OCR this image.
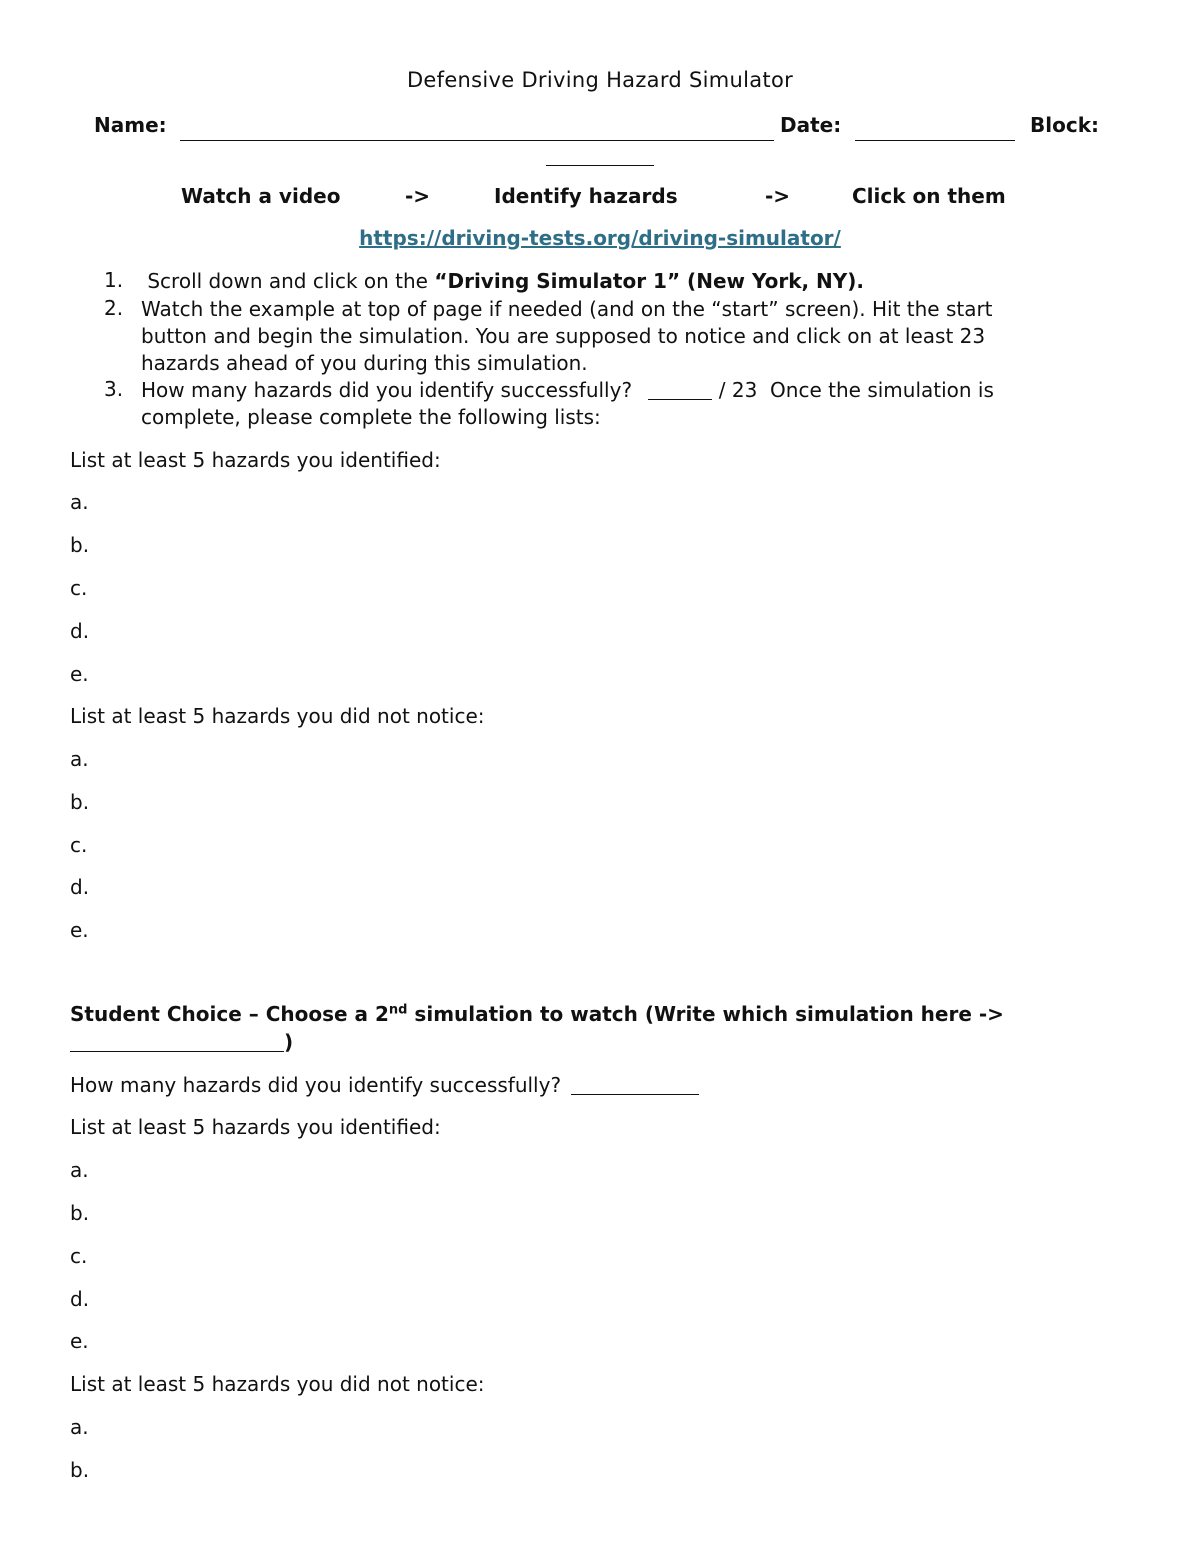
Defensive Driving Hazard Simulator
Name:	Date:	Block:
Watch a video	->	Identify hazards	->	Click on them
https://driving-tests.org/driving-simulator/
1. Scroll down and click on the “Driving Simulator 1” (New York, NY).
2. Watch the example at top of page if needed (and on the “start” screen). Hit the start
button and begin the simulation. You are supposed to notice and click on at least 23
hazards ahead of you during this simulation.
3. How many hazards did you identify successfully?	/ 23  Once the simulation is
complete, please complete the following lists:
List at least 5 hazards you identified:
a.
b.
c.
d.
e.
List at least 5 hazards you did not notice:
a.
b.
c.
d.
e.
Student Choice – Choose a 2nd simulation to watch (Write which simulation here ->
)
How many hazards did you identify successfully?
List at least 5 hazards you identified:
a.
b.
c.
d.
e.
List at least 5 hazards you did not notice:
a.
b.
